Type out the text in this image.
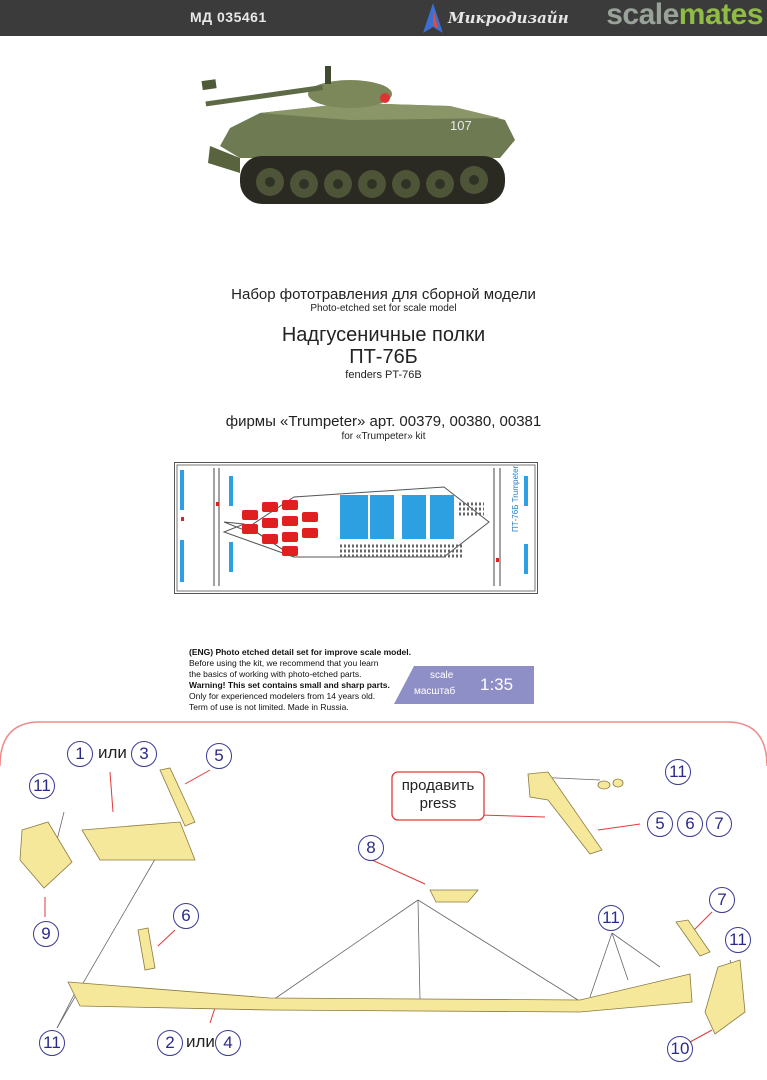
МД 035461	Микродизайн scalemates
107
Набор фототравления для сборной модели
Photo-etched set for scale model
Надгусеничные полки
ПТ-76Б
fenders PT-76B
фирмы «Trumpeter» арт. 00379, 00380, 00381
for «Trumpeter» kit
ПТ-76Б Trumpeter
(ENG) Photo etched detail set for improve scale model.
Before using the kit, we recommend that you learn
the basics of working with photo-etched parts.
Warning! This set contains small and sharp parts.
Only for experienced modelers from 14 years old.
Term of use is not limited. Made in Russia.
scale
масштаб 1:35
1 или 3	5
11
9
6
8
продавить
press
11
5	6	7
7
11
11
11	2 или 4	10
